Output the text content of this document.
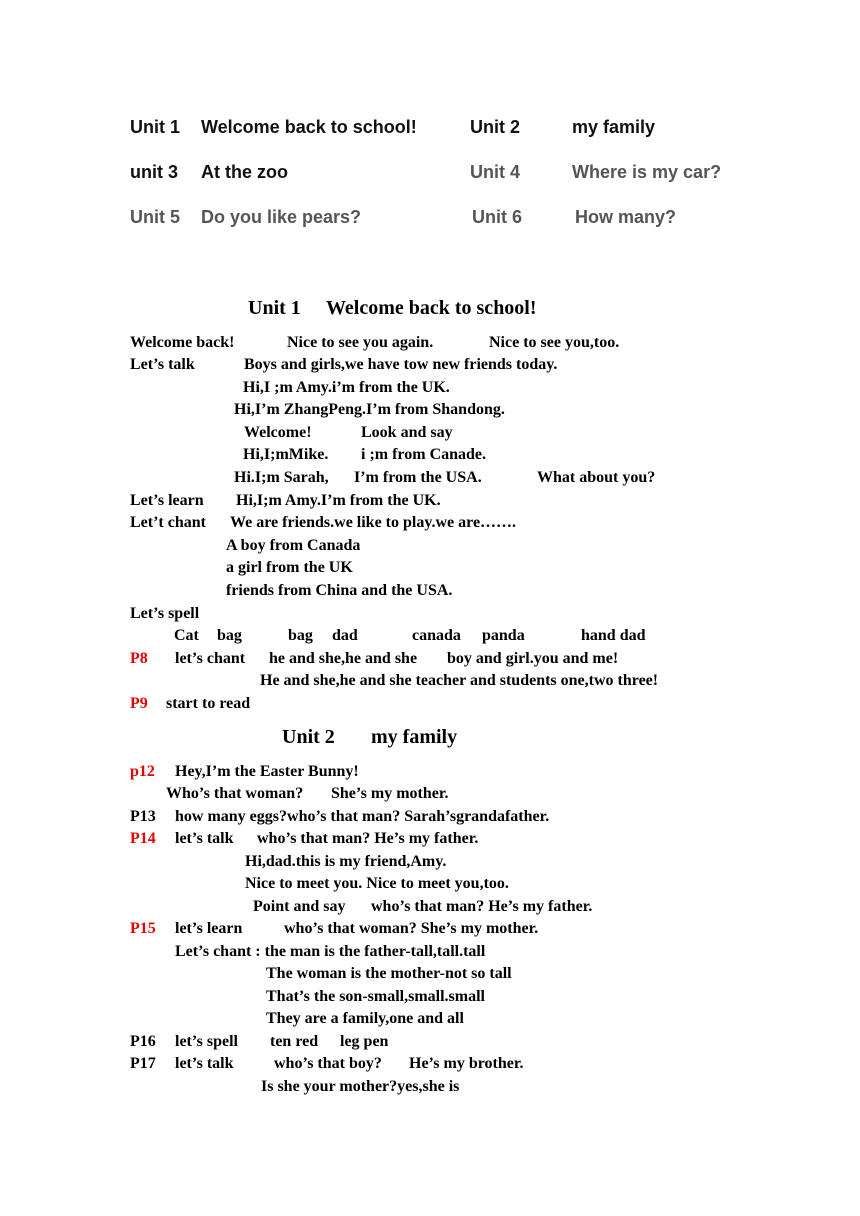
Unit 1 Welcome back to school!	Unit 2	my family
unit 3 At the zoo	Unit 4	Where is my car?
Unit 5 Do you like pears?	Unit 6	How many?
Unit 1 Welcome back to school!
Welcome back!	Nice to see you again.	Nice to see you,too.
Let’s talk	Boys and girls,we have tow new friends today.
Hi,I ;m Amy.i’m from the UK.
Hi,I’m ZhangPeng.I’m from Shandong.
Welcome!	Look and say
Hi,I;mMike. i ;m from Canade.
Hi.I;m Sarah, I’m from the USA.	What about you?
Let’s learn Hi,I;m Amy.I’m from the UK.
Let’t chant We are friends.we like to play.we are…….
A boy from Canada
a girl from the UK
friends from China and the USA.
Let’s spell
Cat bag	bag dad	canada panda	hand dad
P8 let’s chant he and she,he and she boy and girl.you and me!
He and she,he and she teacher and students one,two three!
P9 start to read
Unit 2 my family
p12 Hey,I’m the Easter Bunny!
Who’s that woman? She’s my mother.
P13 how many eggs?who’s that man? Sarah’sgrandafather.
P14 let’s talk who’s that man? He’s my father.
Hi,dad.this is my friend,Amy.
Nice to meet you. Nice to meet you,too.
Point and say who’s that man? He’s my father.
P15 let’s learn	who’s that woman? She’s my mother.
Let’s chant : the man is the father-tall,tall.tall
The woman is the mother-not so tall
That’s the son-small,small.small
They are a family,one and all
P16 let’s spell ten red leg pen
P17 let’s talk	who’s that boy? He’s my brother.
Is she your mother?yes,she is
